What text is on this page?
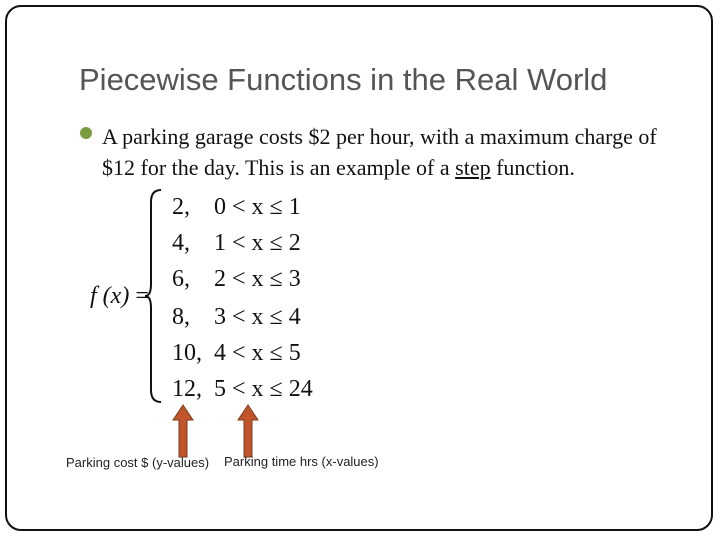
Piecewise Functions in the Real World
A parking garage costs $2 per hour, with a maximum charge of $12 for the day. This is an example of a step function.
f (x) =
2, 0 < x ≤ 1
4, 1 < x ≤ 2
6, 2 < x ≤ 3
8, 3 < x ≤ 4
10, 4 < x ≤ 5
12, 5 < x ≤ 24
Parking cost $ (y-values) Parking time hrs (x-values)
